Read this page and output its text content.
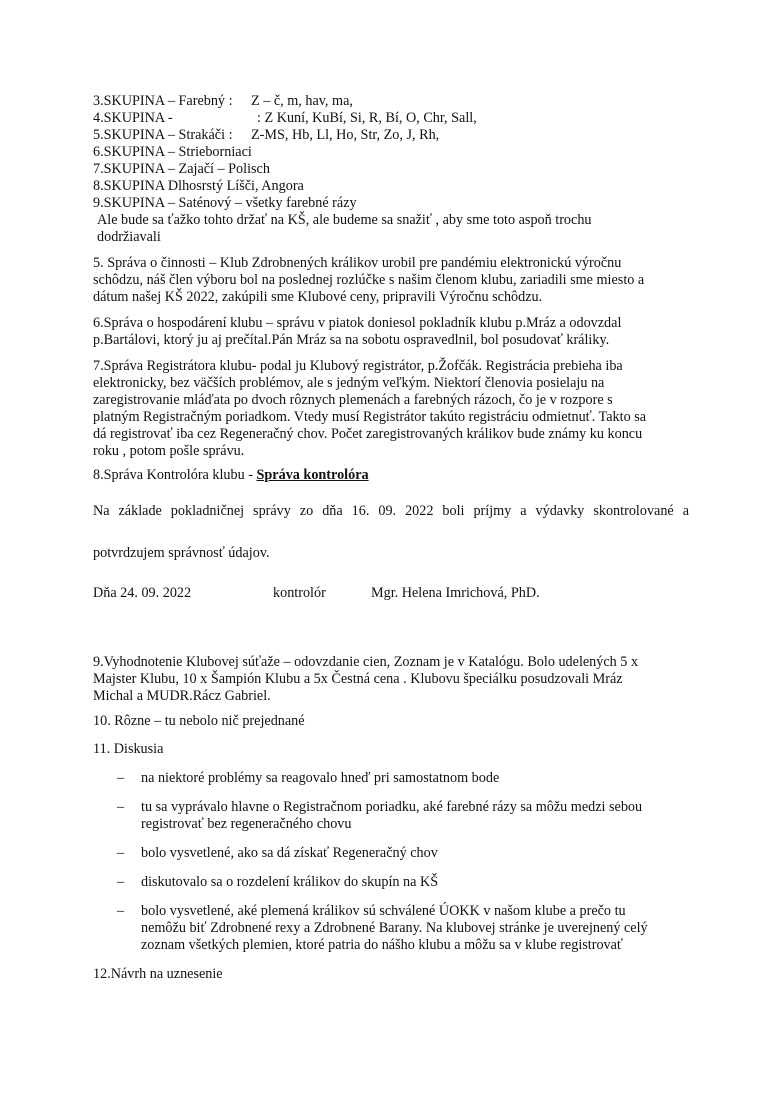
3.SKUPINA – Farebný : Z – č, m, hav, ma,
4.SKUPINA -	: Z Kuní, KuBí, Si, R, Bí, O, Chr, Sall,
5.SKUPINA – Strakáči : Z-MS, Hb, Ll, Ho, Str, Zo, J, Rh,
6.SKUPINA – Strieborniaci
7.SKUPINA – Zajačí – Polisch
8.SKUPINA Dlhosrstý Líšči, Angora
9.SKUPINA – Saténový – všetky farebné rázy
Ale bude sa ťažko tohto držať na KŠ, ale budeme sa snažiť , aby sme toto aspoň trochu
dodržiavali
5. Správa o činnosti – Klub Zdrobnených králikov urobil pre pandémiu elektronickú výročnu
schôdzu, náš člen výboru bol na poslednej rozlúčke s našim členom klubu, zariadili sme miesto a
dátum našej KŠ 2022, zakúpili sme Klubové ceny, pripravili Výročnu schôdzu.
6.Správa o hospodárení klubu – správu v piatok doniesol pokladník klubu p.Mráz a odovzdal
p.Bartálovi, ktorý ju aj prečítal.Pán Mráz sa na sobotu ospravedlnil, bol posudovať králiky.
7.Správa Registrátora klubu- podal ju Klubový registrátor, p.Žofčák. Registrácia prebieha iba
elektronicky, bez väčších problémov, ale s jedným veľkým. Niektorí členovia posielaju na
zaregistrovanie mláďata po dvoch rôznych plemenách a farebných rázoch, čo je v rozpore s
platným Registračným poriadkom. Vtedy musí Registrátor takúto registráciu odmietnuť. Takto sa
dá registrovať iba cez Regeneračný chov. Počet zaregistrovaných králikov bude známy ku koncu
roku , potom pošle správu.
8.Správa Kontrolóra klubu - Správa kontrolóra
Na základe pokladničnej správy zo dňa 16. 09. 2022 boli príjmy a výdavky skontrolované a
potvrdzujem správnosť údajov.
Dňa 24. 09. 2022	kontrolór	Mgr. Helena Imrichová, PhD.
9.Vyhodnotenie Klubovej súťaže – odovzdanie cien, Zoznam je v Katalógu. Bolo udelených 5 x
Majster Klubu, 10 x Šampión Klubu a 5x Čestná cena . Klubovu špeciálku posudzovali Mráz
Michal a MUDR.Rácz Gabriel.
10. Rôzne – tu nebolo nič prejednané
11. Diskusia
– na niektoré problémy sa reagovalo hneď pri samostatnom bode
– tu sa vyprávalo hlavne o Registračnom poriadku, aké farebné rázy sa môžu medzi sebou
registrovať bez regeneračného chovu
– bolo vysvetlené, ako sa dá získať Regeneračný chov
– diskutovalo sa o rozdelení králikov do skupín na KŠ
– bolo vysvetlené, aké plemená králikov sú schválené ÚOKK v našom klube a prečo tu
nemôžu biť Zdrobnené rexy a Zdrobnené Barany. Na klubovej stránke je uverejnený celý
zoznam všetkých plemien, ktoré patria do nášho klubu a môžu sa v klube registrovať
12.Návrh na uznesenie
